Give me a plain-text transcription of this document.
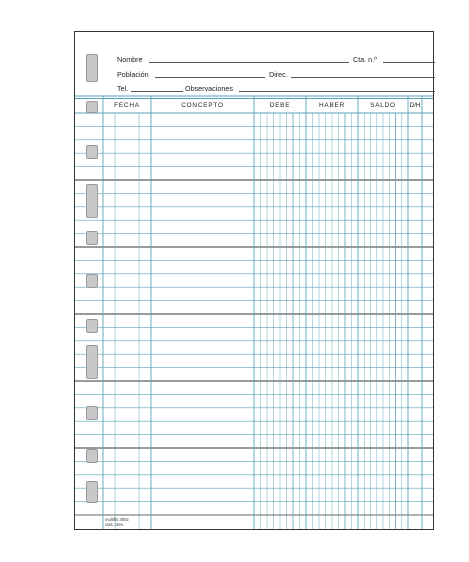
Nombre	Cta. n.º
Población	Direc.
Tel.	Observaciones
FECHA	CONCEPTO	DEBE	HABER	SALDO	D/H
multiflo 3002
ctas. ctes.
